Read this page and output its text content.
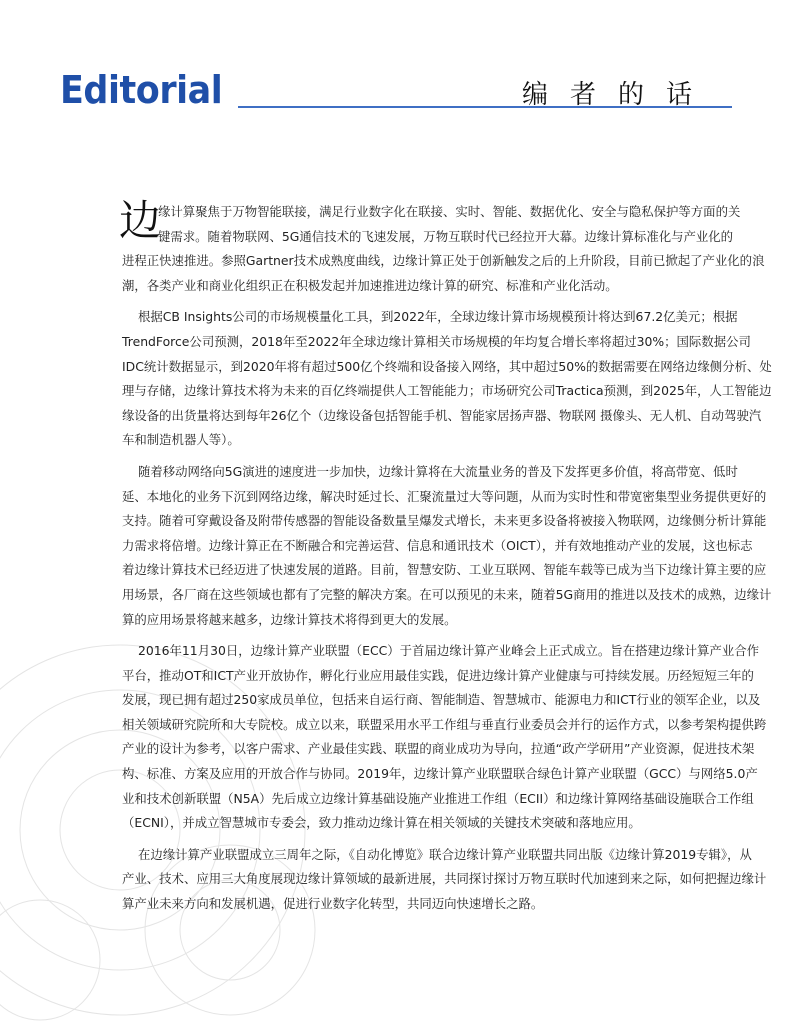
Editorial	编者的话
边
缘计算聚焦于万物智能联接，满足行业数字化在联接、实时、智能、数据优化、安全与隐私保护等方面的关
键需求。随着物联网、5G通信技术的飞速发展，万物互联时代已经拉开大幕。边缘计算标准化与产业化的
进程正快速推进。参照Gartner技术成熟度曲线，边缘计算正处于创新触发之后的上升阶段，目前已掀起了产业化的浪
潮，各类产业和商业化组织正在积极发起并加速推进边缘计算的研究、标准和产业化活动。
根据CB Insights公司的市场规模量化工具，到2022年，全球边缘计算市场规模预计将达到67.2亿美元；根据
TrendForce公司预测，2018年至2022年全球边缘计算相关市场规模的年均复合增长率将超过30%；国际数据公司
IDC统计数据显示，到2020年将有超过500亿个终端和设备接入网络，其中超过50%的数据需要在网络边缘侧分析、处
理与存储，边缘计算技术将为未来的百亿终端提供人工智能能力；市场研究公司Tractica预测，到2025年，人工智能边
缘设备的出货量将达到每年26亿个（边缘设备包括智能手机、智能家居扬声器、物联网 摄像头、无人机、自动驾驶汽
车和制造机器人等）。
随着移动网络向5G演进的速度进一步加快，边缘计算将在大流量业务的普及下发挥更多价值，将高带宽、低时
延、本地化的业务下沉到网络边缘，解决时延过长、汇聚流量过大等问题，从而为实时性和带宽密集型业务提供更好的
支持。随着可穿戴设备及附带传感器的智能设备数量呈爆发式增长，未来更多设备将被接入物联网，边缘侧分析计算能
力需求将倍增。边缘计算正在不断融合和完善运营、信息和通讯技术（OICT），并有效地推动产业的发展，这也标志
着边缘计算技术已经迈进了快速发展的道路。目前，智慧安防、工业互联网、智能车载等已成为当下边缘计算主要的应
用场景，各厂商在这些领域也都有了完整的解决方案。在可以预见的未来，随着5G商用的推进以及技术的成熟，边缘计
算的应用场景将越来越多，边缘计算技术将得到更大的发展。
2016年11月30日，边缘计算产业联盟（ECC）于首届边缘计算产业峰会上正式成立。旨在搭建边缘计算产业合作
平台，推动OT和ICT产业开放协作，孵化行业应用最佳实践，促进边缘计算产业健康与可持续发展。历经短短三年的
发展，现已拥有超过250家成员单位，包括来自运行商、智能制造、智慧城市、能源电力和ICT行业的领军企业，以及
相关领域研究院所和大专院校。成立以来，联盟采用水平工作组与垂直行业委员会并行的运作方式，以参考架构提供跨
产业的设计为参考，以客户需求、产业最佳实践、联盟的商业成功为导向，拉通“政产学研用”产业资源，促进技术架
构、标准、方案及应用的开放合作与协同。2019年，边缘计算产业联盟联合绿色计算产业联盟（GCC）与网络5.0产
业和技术创新联盟（N5A）先后成立边缘计算基础设施产业推进工作组（ECII）和边缘计算网络基础设施联合工作组
（ECNI），并成立智慧城市专委会，致力推动边缘计算在相关领域的关键技术突破和落地应用。
在边缘计算产业联盟成立三周年之际，《自动化博览》联合边缘计算产业联盟共同出版《边缘计算2019专辑》，从
产业、技术、应用三大角度展现边缘计算领域的最新进展，共同探讨探讨万物互联时代加速到来之际，如何把握边缘计
算产业未来方向和发展机遇，促进行业数字化转型，共同迈向快速增长之路。
